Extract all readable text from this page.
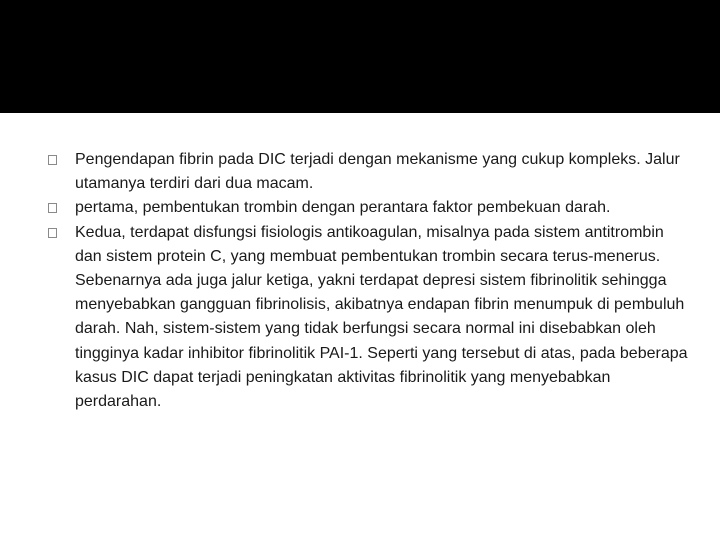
Pengendapan fibrin pada DIC terjadi dengan mekanisme yang cukup kompleks. Jalur utamanya terdiri dari dua macam.
pertama, pembentukan trombin dengan perantara faktor pembekuan darah.
Kedua, terdapat disfungsi fisiologis antikoagulan, misalnya pada sistem antitrombin dan sistem protein C, yang membuat pembentukan trombin secara terus-menerus. Sebenarnya ada juga jalur ketiga, yakni terdapat depresi sistem fibrinolitik sehingga menyebabkan gangguan fibrinolisis, akibatnya endapan fibrin menumpuk di pembuluh darah. Nah, sistem-sistem yang tidak berfungsi secara normal ini disebabkan oleh tingginya kadar inhibitor fibrinolitik PAI-1. Seperti yang tersebut di atas, pada beberapa kasus DIC dapat terjadi peningkatan aktivitas fibrinolitik yang menyebabkan perdarahan.
